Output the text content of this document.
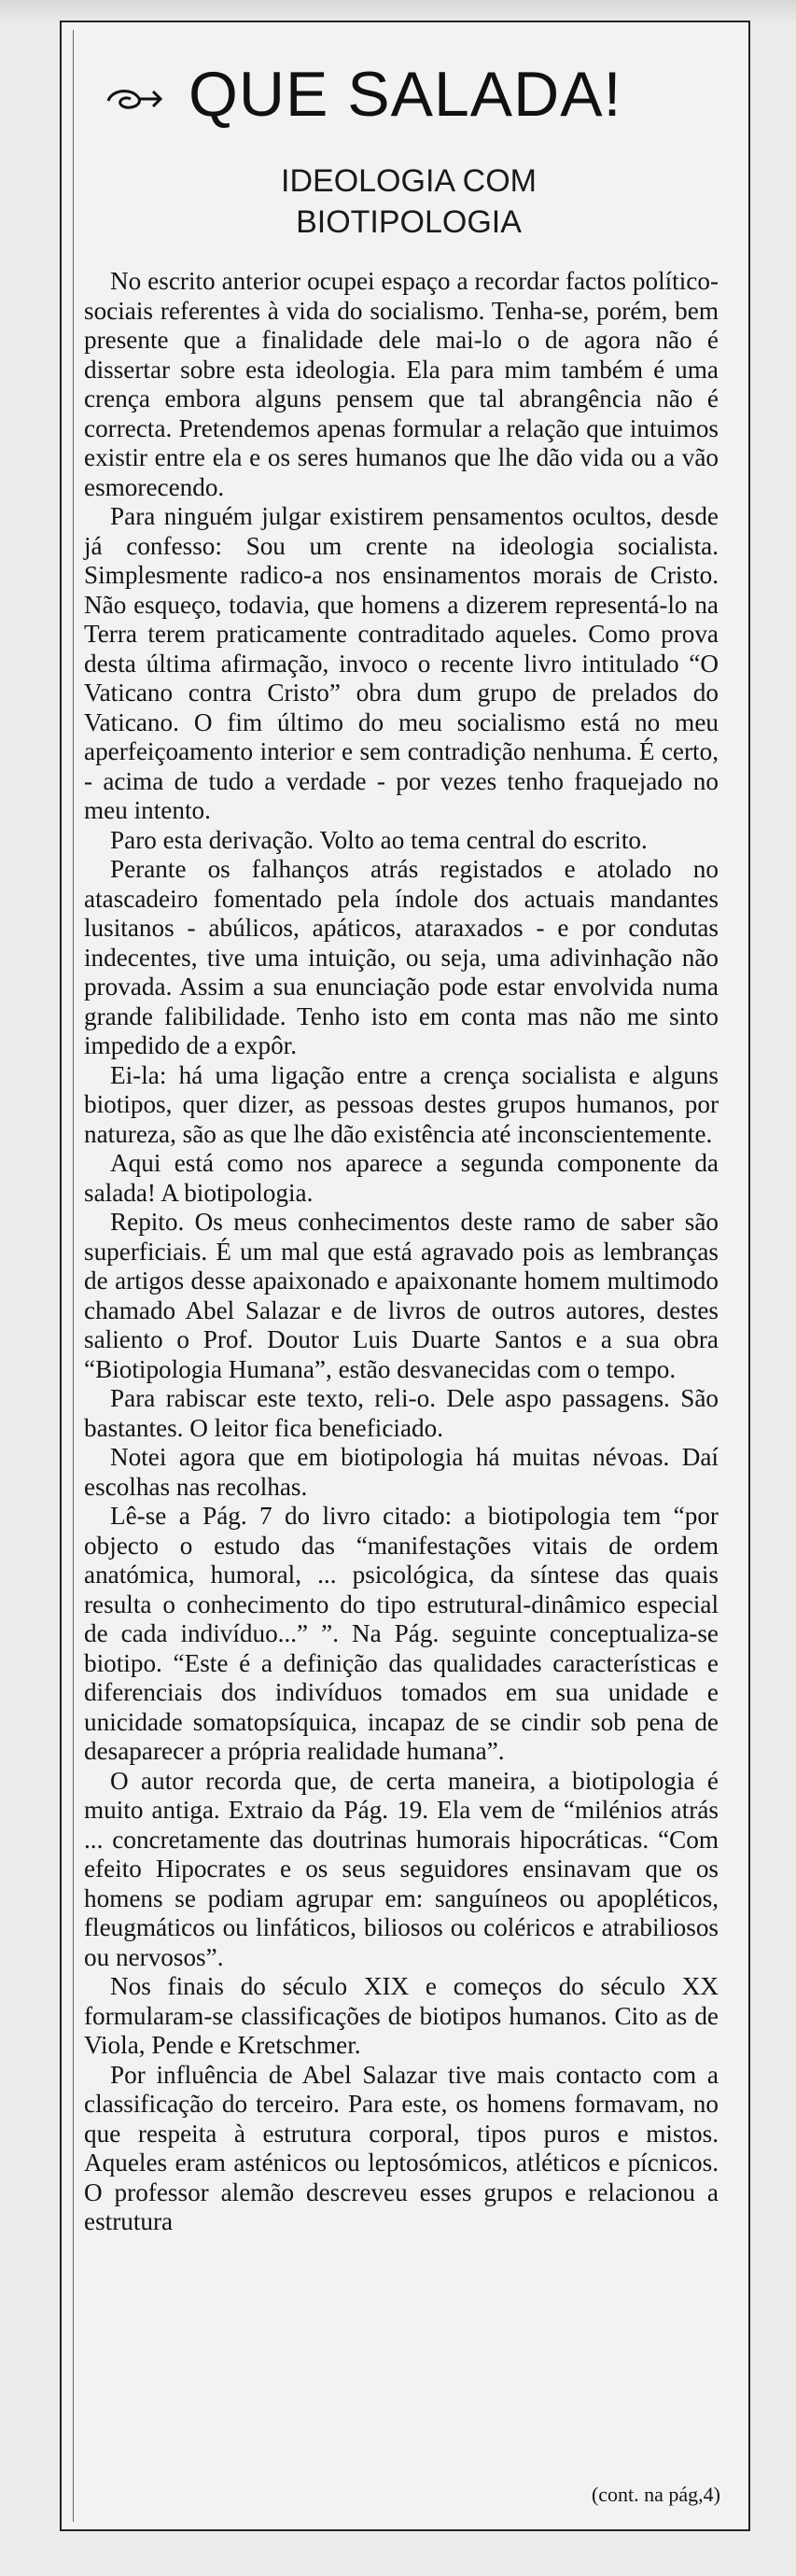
QUE SALADA!
IDEOLOGIA COM
BIOTIPOLOGIA

No escrito anterior ocupei espaço a recordar factos político-sociais referentes à vida do socialismo. Tenha-se, porém, bem presente que a finalidade dele mai-lo o de agora não é dissertar sobre esta ideologia. Ela para mim também é uma crença embora alguns pensem que tal abrangência não é correcta. Pretendemos apenas formular a relação que intuimos existir entre ela e os seres humanos que lhe dão vida ou a vão esmorecendo.

Para ninguém julgar existirem pensamentos ocultos, desde já confesso: Sou um crente na ideologia socialista. Simplesmente radico-a nos ensinamentos morais de Cristo. Não esqueço, todavia, que homens a dizerem representá-lo na Terra terem praticamente contraditado aqueles. Como prova desta última afirmação, invoco o recente livro intitulado “O Vaticano contra Cristo” obra dum grupo de prelados do Vaticano. O fim último do meu socialismo está no meu aperfeiçoamento interior e sem contradição nenhuma. É certo, - acima de tudo a verdade - por vezes tenho fraquejado no meu intento.

Paro esta derivação. Volto ao tema central do escrito.

Perante os falhanços atrás registados e atolado no atascadeiro fomentado pela índole dos actuais mandantes lusitanos - abúlicos, apáticos, ataraxados - e por condutas indecentes, tive uma intuição, ou seja, uma adivinhação não provada. Assim a sua enunciação pode estar envolvida numa grande falibilidade. Tenho isto em conta mas não me sinto impedido de a expôr.

Ei-la: há uma ligação entre a crença socialista e alguns biotipos, quer dizer, as pessoas destes grupos humanos, por natureza, são as que lhe dão existência até inconscientemente.

Aqui está como nos aparece a segunda componente da salada! A biotipologia.

Repito. Os meus conhecimentos deste ramo de saber são superficiais. É um mal que está agravado pois as lembranças de artigos desse apaixonado e apaixonante homem multimodo chamado Abel Salazar e de livros de outros autores, destes saliento o Prof. Doutor Luis Duarte Santos e a sua obra “Biotipologia Humana”, estão desvanecidas com o tempo.

Para rabiscar este texto, reli-o. Dele aspo passagens. São bastantes. O leitor fica beneficiado.

Notei agora que em biotipologia há muitas névoas. Daí escolhas nas recolhas.

Lê-se a Pág. 7 do livro citado: a biotipologia tem “por objecto o estudo das “manifestações vitais de ordem anatómica, humoral, ... psicológica, da síntese das quais resulta o conhecimento do tipo estrutural-dinâmico especial de cada indivíduo...” ”. Na Pág. seguinte conceptualiza-se biotipo. “Este é a definição das qualidades características e diferenciais dos indivíduos tomados em sua unidade e unicidade somatopsíquica, incapaz de se cindir sob pena de desaparecer a própria realidade humana”.

O autor recorda que, de certa maneira, a biotipologia é muito antiga. Extraio da Pág. 19. Ela vem de “milénios atrás ... concretamente das doutrinas humorais hipocráticas. “Com efeito Hipocrates e os seus seguidores ensinavam que os homens se podiam agrupar em: sanguíneos ou apopléticos, fleugmáticos ou linfáticos, biliosos ou coléricos e atrabiliosos ou nervosos”.

Nos finais do século XIX e começos do século XX formularam-se classificações de biotipos humanos. Cito as de Viola, Pende e Kretschmer.

Por influência de Abel Salazar tive mais contacto com a classificação do terceiro. Para este, os homens formavam, no que respeita à estrutura corporal, tipos puros e mistos. Aqueles eram asténicos ou leptosómicos, atléticos e pícnicos. O professor alemão descreveu esses grupos e relacionou a estrutura

(cont. na pág,4)
